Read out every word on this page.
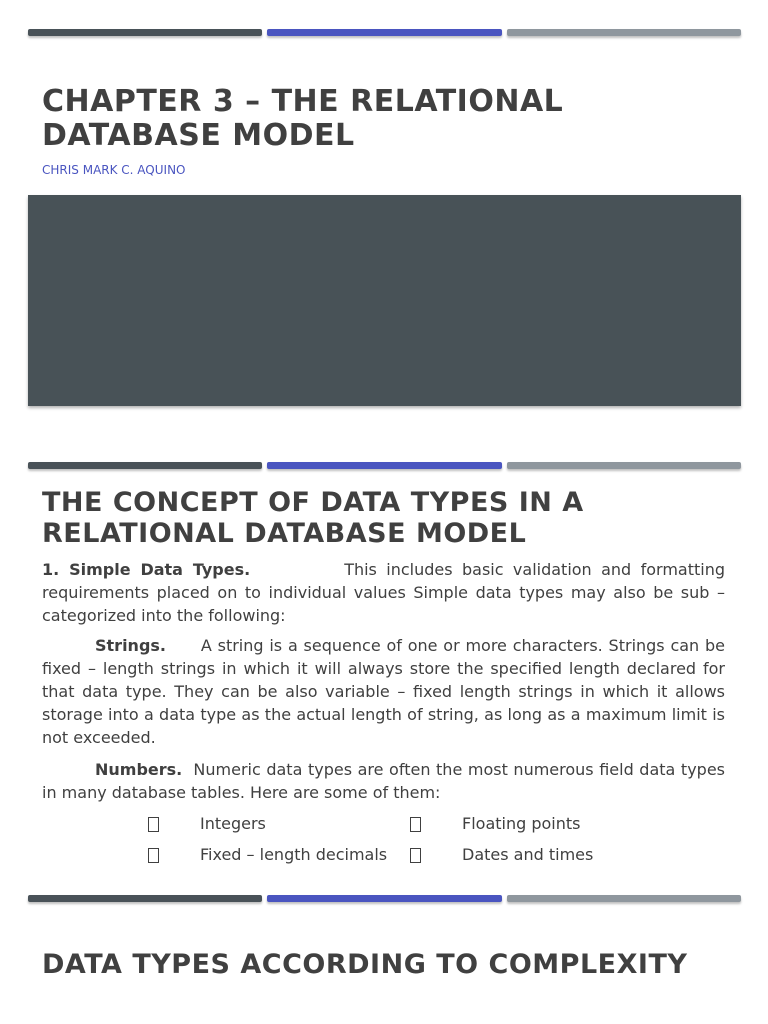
CHAPTER 3 – THE RELATIONAL DATABASE MODEL

CHRIS MARK C. AQUINO

THE CONCEPT OF DATA TYPES IN A RELATIONAL DATABASE MODEL

1. Simple Data Types.	This includes basic validation and formatting requirements placed on to individual values Simple data types may also be sub – categorized into the following:

Strings. A string is a sequence of one or more characters. Strings can be fixed – length strings in which it will always store the specified length declared for that data type. They can be also variable – fixed length strings in which it allows storage into a data type as the actual length of string, as long as a maximum limit is not exceeded.

Numbers. Numeric data types are often the most numerous field data types in many database tables. Here are some of them:

Integers	Floating points
Fixed – length decimals	Dates and times
DATA TYPES ACCORDING TO COMPLEXITY
